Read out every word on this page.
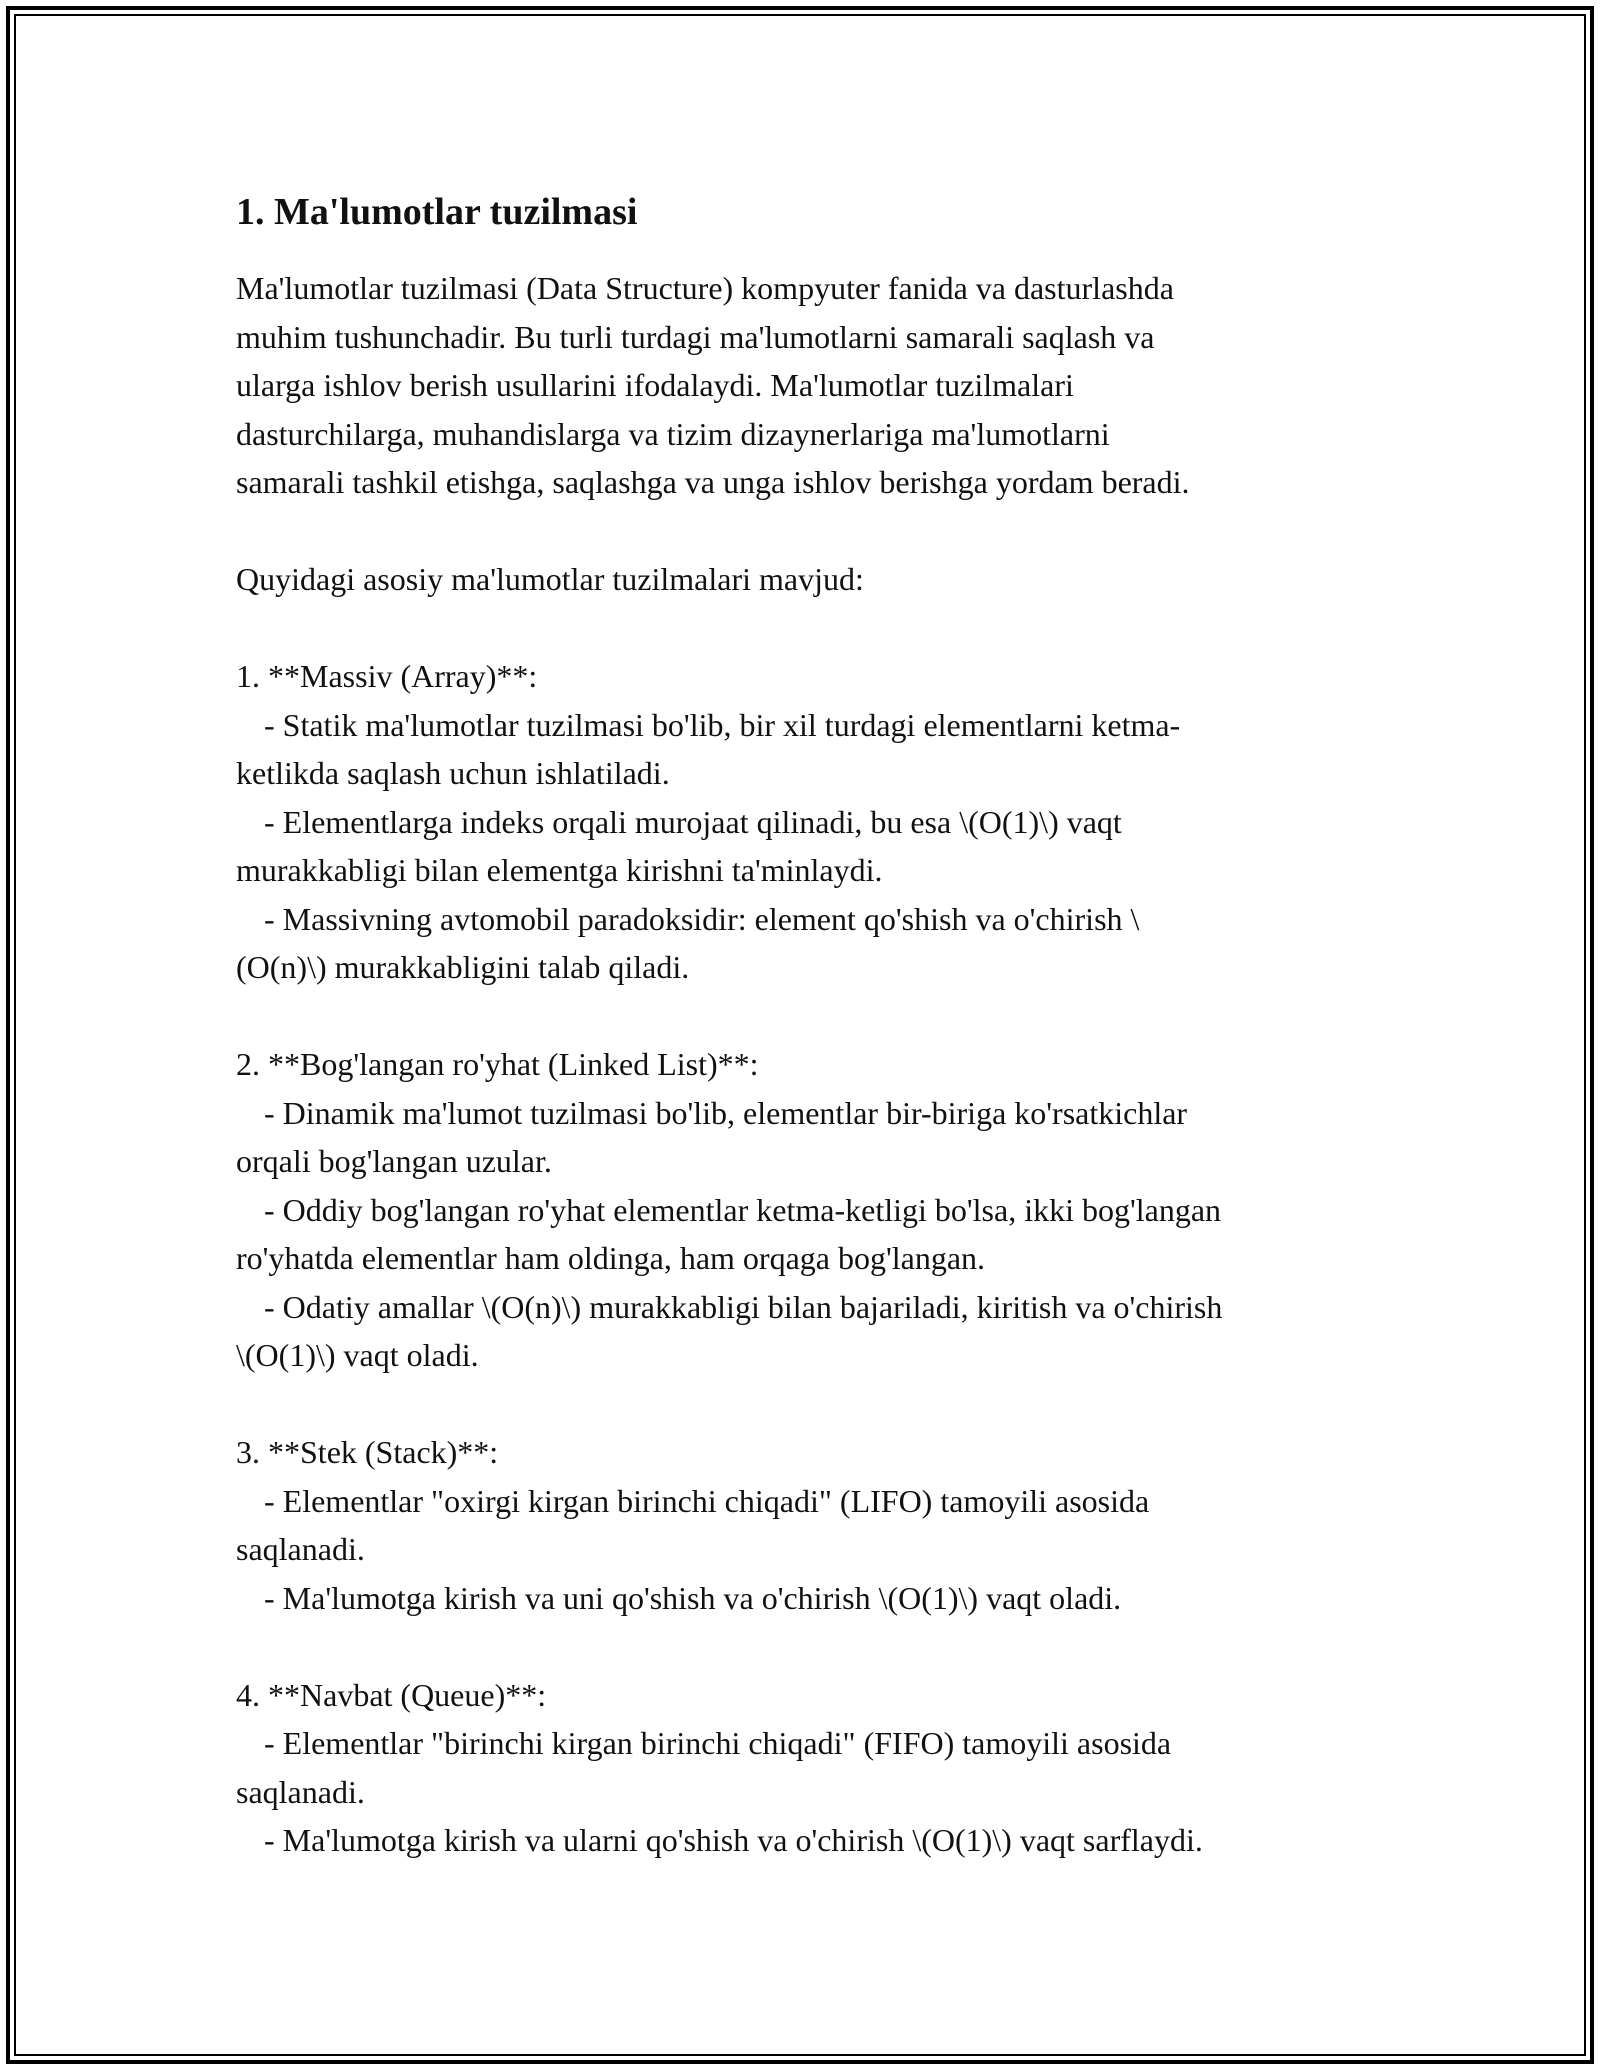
1. Ma'lumotlar tuzilmasi
Ma'lumotlar tuzilmasi (Data Structure) kompyuter fanida va dasturlashda
muhim tushunchadir. Bu turli turdagi ma'lumotlarni samarali saqlash va
ularga ishlov berish usullarini ifodalaydi. Ma'lumotlar tuzilmalari
dasturchilarga, muhandislarga va tizim dizaynerlariga ma'lumotlarni
samarali tashkil etishga, saqlashga va unga ishlov berishga yordam beradi.
Quyidagi asosiy ma'lumotlar tuzilmalari mavjud:
1. **Massiv (Array)**:
- Statik ma'lumotlar tuzilmasi bo'lib, bir xil turdagi elementlarni ketma-
ketlikda saqlash uchun ishlatiladi.
- Elementlarga indeks orqali murojaat qilinadi, bu esa \(O(1)\) vaqt
murakkabligi bilan elementga kirishni ta'minlaydi.
- Massivning avtomobil paradoksidir: element qo'shish va o'chirish \
(O(n)\) murakkabligini talab qiladi.
2. **Bog'langan ro'yhat (Linked List)**:
- Dinamik ma'lumot tuzilmasi bo'lib, elementlar bir-biriga ko'rsatkichlar
orqali bog'langan uzular.
- Oddiy bog'langan ro'yhat elementlar ketma-ketligi bo'lsa, ikki bog'langan
ro'yhatda elementlar ham oldinga, ham orqaga bog'langan.
- Odatiy amallar \(O(n)\) murakkabligi bilan bajariladi, kiritish va o'chirish
\(O(1)\) vaqt oladi.
3. **Stek (Stack)**:
- Elementlar "oxirgi kirgan birinchi chiqadi" (LIFO) tamoyili asosida
saqlanadi.
- Ma'lumotga kirish va uni qo'shish va o'chirish \(O(1)\) vaqt oladi.
4. **Navbat (Queue)**:
- Elementlar "birinchi kirgan birinchi chiqadi" (FIFO) tamoyili asosida
saqlanadi.
- Ma'lumotga kirish va ularni qo'shish va o'chirish \(O(1)\) vaqt sarflaydi.
